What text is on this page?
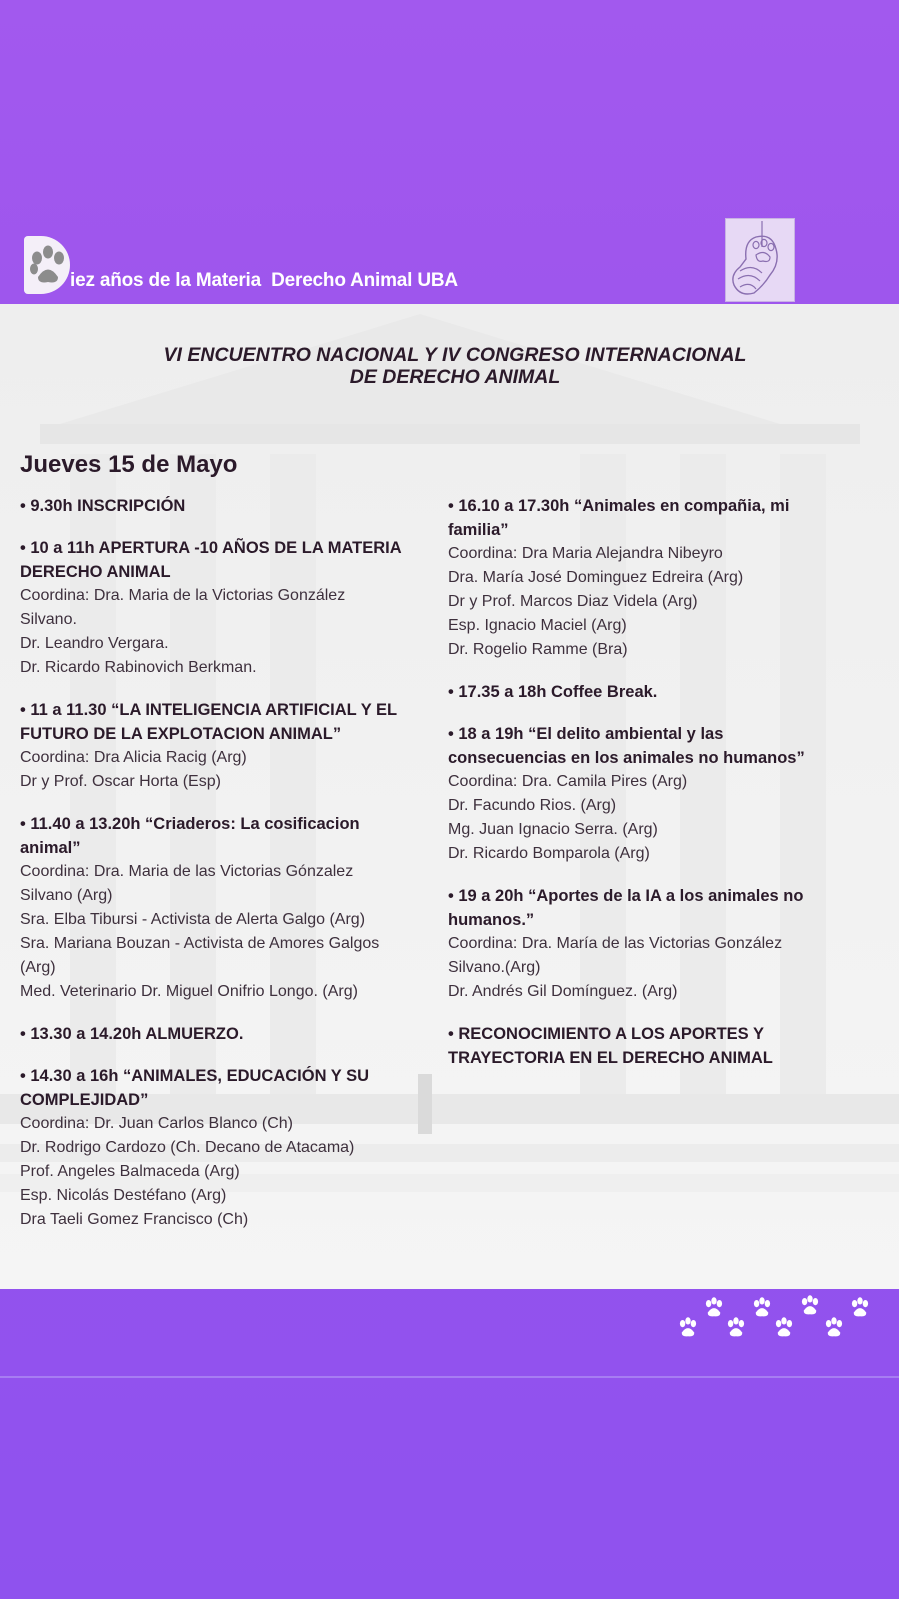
iez años de la Materia  Derecho Animal UBA
VI ENCUENTRO NACIONAL Y IV CONGRESO INTERNACIONAL
DE DERECHO ANIMAL
Jueves 15 de Mayo
• 9.30h INSCRIPCIÓN
• 10 a 11h APERTURA -10 AÑOS DE LA MATERIA
DERECHO ANIMAL
Coordina: Dra. Maria de la Victorias González
Silvano.
Dr. Leandro Vergara.
Dr. Ricardo Rabinovich Berkman.
• 11 a 11.30 “LA INTELIGENCIA ARTIFICIAL Y EL
FUTURO DE LA EXPLOTACION ANIMAL”
Coordina: Dra Alicia Racig (Arg)
Dr y Prof. Oscar Horta (Esp)
• 11.40 a 13.20h “Criaderos: La cosificacion
animal”
Coordina: Dra. Maria de las Victorias Gónzalez
Silvano (Arg)
Sra. Elba Tibursi - Activista de Alerta Galgo (Arg)
Sra. Mariana Bouzan - Activista de Amores Galgos
(Arg)
Med. Veterinario Dr. Miguel Onifrio Longo. (Arg)
• 13.30 a 14.20h ALMUERZO.
• 14.30 a 16h “ANIMALES, EDUCACIÓN Y SU
COMPLEJIDAD”
Coordina: Dr. Juan Carlos Blanco (Ch)
Dr. Rodrigo Cardozo (Ch. Decano de Atacama)
Prof. Angeles Balmaceda (Arg)
Esp. Nicolás Destéfano (Arg)
Dra Taeli Gomez Francisco (Ch)
• 16.10 a 17.30h “Animales en compañia, mi
familia”
Coordina: Dra Maria Alejandra Nibeyro
Dra. María José Dominguez Edreira (Arg)
Dr y Prof. Marcos Diaz Videla (Arg)
Esp. Ignacio Maciel (Arg)
Dr. Rogelio Ramme (Bra)
• 17.35 a 18h Coffee Break.
• 18 a 19h “El delito ambiental y las
consecuencias en los animales no humanos”
Coordina: Dra. Camila Pires (Arg)
Dr. Facundo Rios. (Arg)
Mg. Juan Ignacio Serra. (Arg)
Dr. Ricardo Bomparola (Arg)
• 19 a 20h “Aportes de la IA a los animales no
humanos.”
Coordina: Dra. María de las Victorias González
Silvano.(Arg)
Dr. Andrés Gil Domínguez. (Arg)
• RECONOCIMIENTO A LOS APORTES Y
TRAYECTORIA EN EL DERECHO ANIMAL
